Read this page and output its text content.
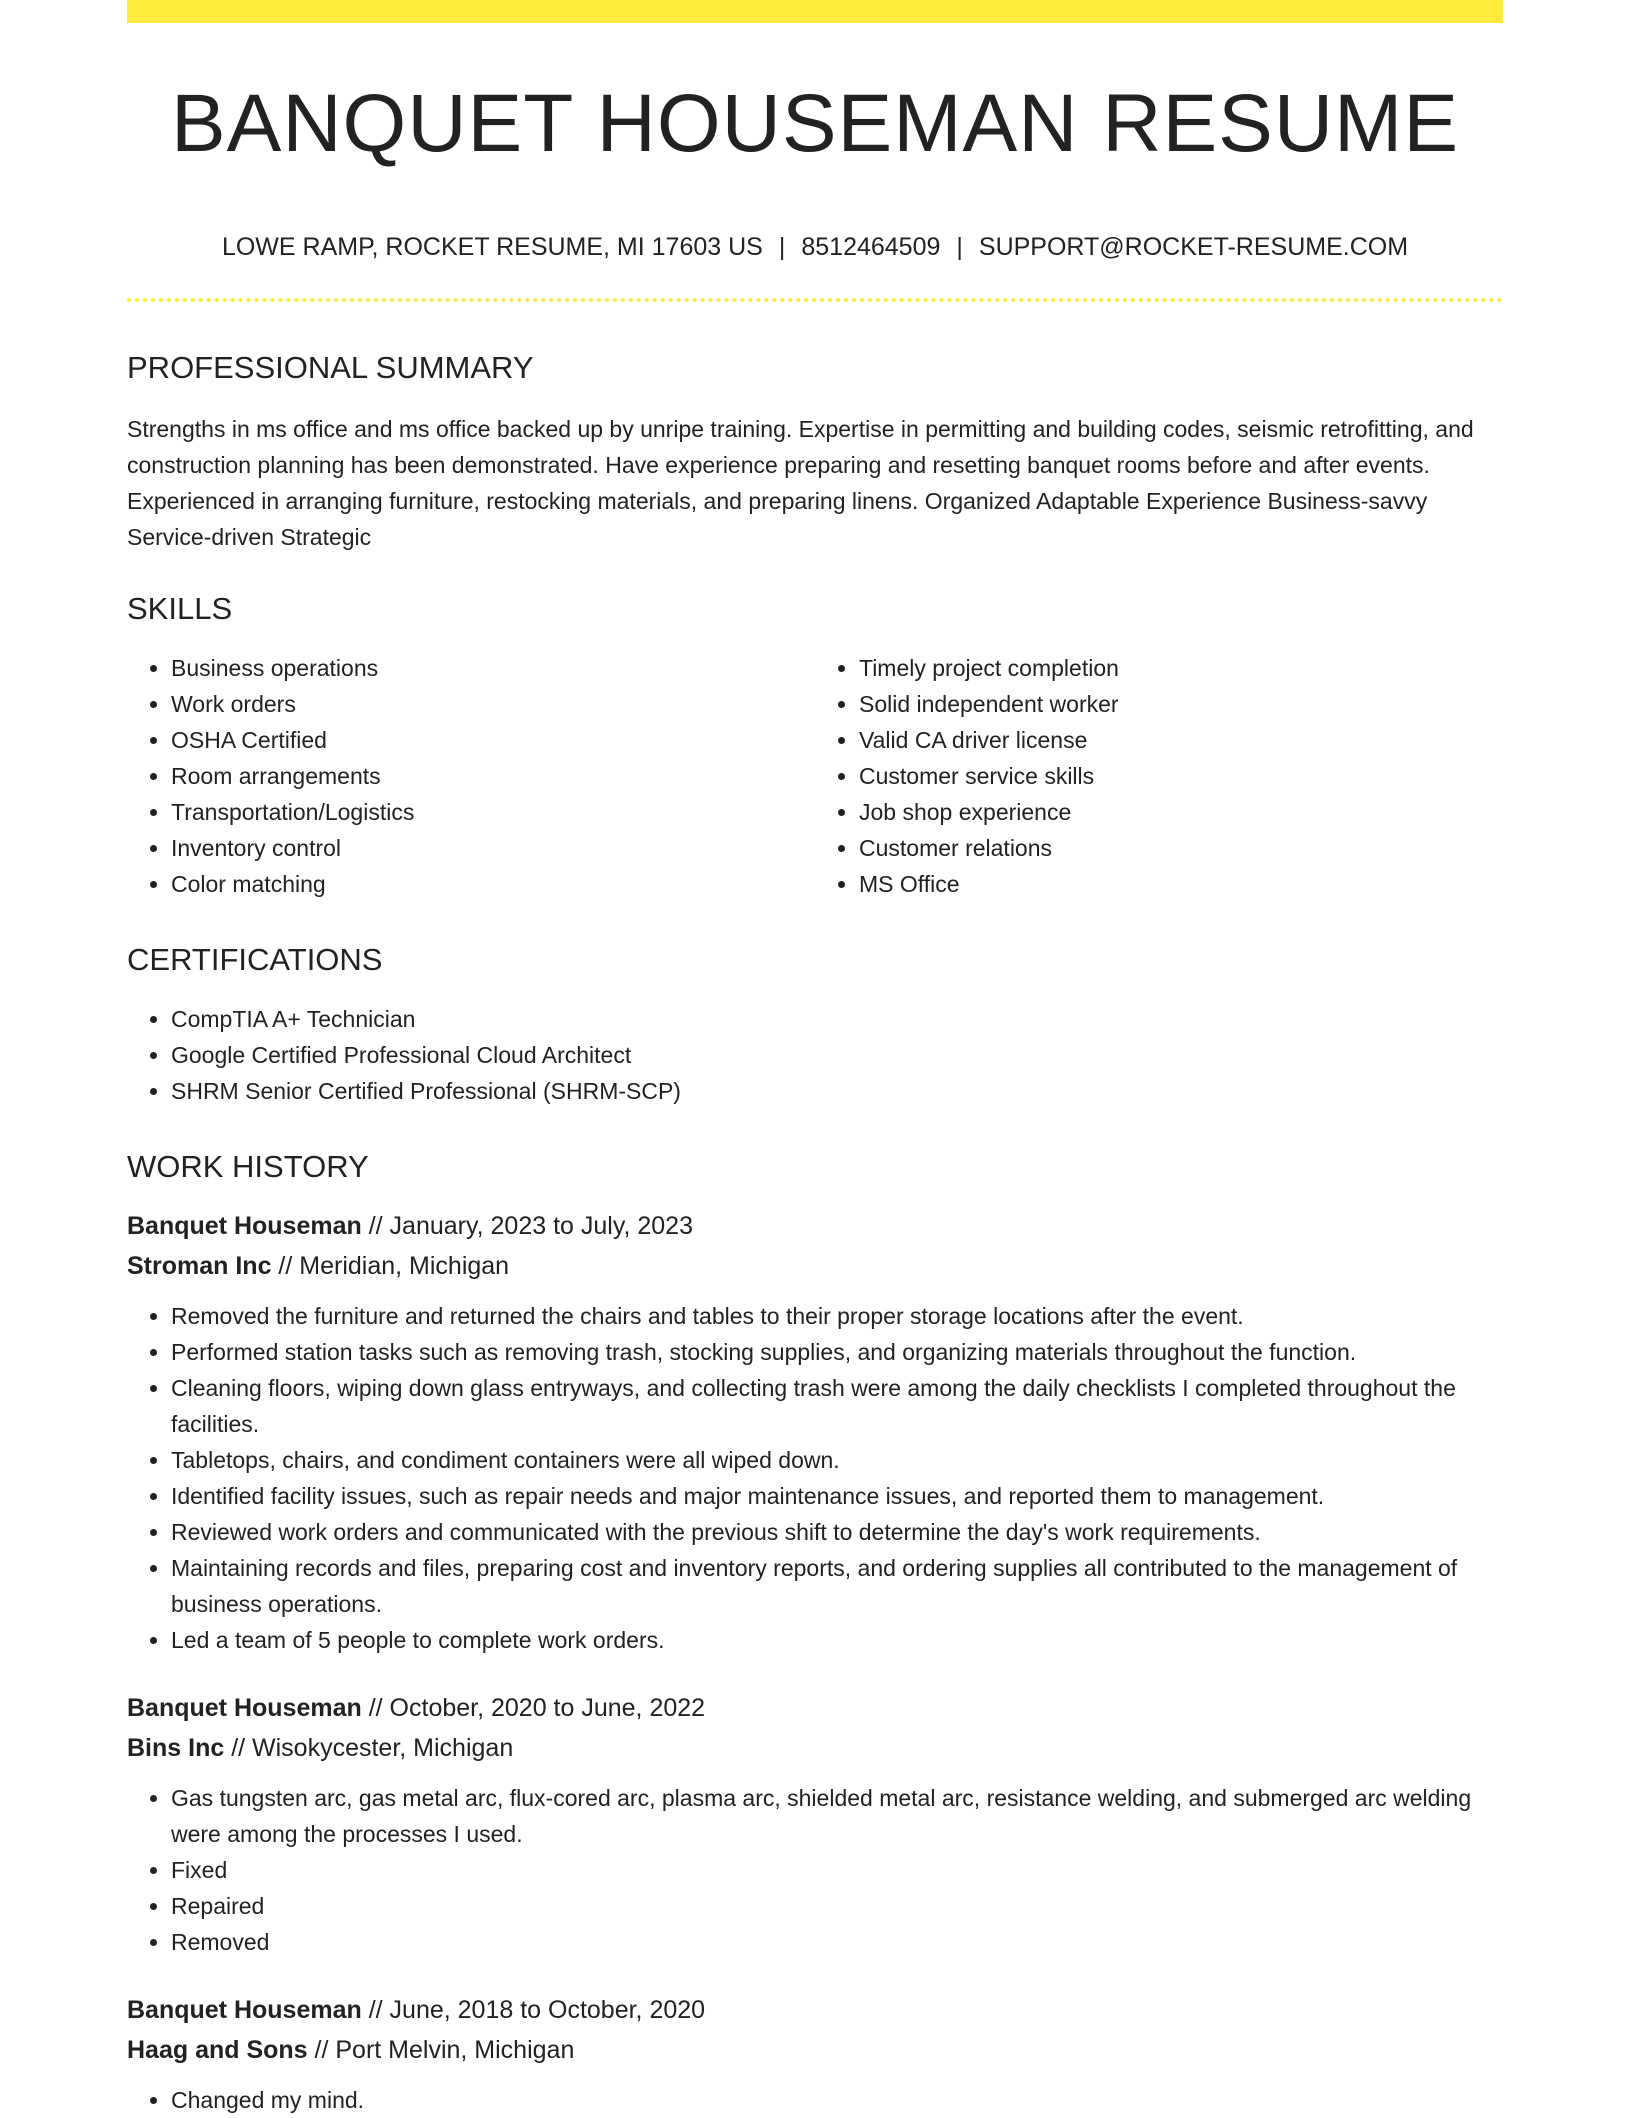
BANQUET HOUSEMAN RESUME
LOWE RAMP, ROCKET RESUME, MI 17603 US | 8512464509 | SUPPORT@ROCKET-RESUME.COM
PROFESSIONAL SUMMARY

Strengths in ms office and ms office backed up by unripe training. Expertise in permitting and building codes, seismic retrofitting, and construction planning has been demonstrated. Have experience preparing and resetting banquet rooms before and after events. Experienced in arranging furniture, restocking materials, and preparing linens. Organized Adaptable Experience Business-savvy Service-driven Strategic

SKILLS
• Business operations
• Work orders
• OSHA Certified
• Room arrangements
• Transportation/Logistics
• Inventory control
• Color matching
• Timely project completion
• Solid independent worker
• Valid CA driver license
• Customer service skills
• Job shop experience
• Customer relations
• MS Office
CERTIFICATIONS
• CompTIA A+ Technician
• Google Certified Professional Cloud Architect
• SHRM Senior Certified Professional (SHRM-SCP)
WORK HISTORY
Banquet Houseman // January, 2023 to July, 2023
Stroman Inc // Meridian, Michigan
• Removed the furniture and returned the chairs and tables to their proper storage locations after the event.
• Performed station tasks such as removing trash, stocking supplies, and organizing materials throughout the function.
• Cleaning floors, wiping down glass entryways, and collecting trash were among the daily checklists I completed throughout the facilities.
• Tabletops, chairs, and condiment containers were all wiped down.
• Identified facility issues, such as repair needs and major maintenance issues, and reported them to management.
• Reviewed work orders and communicated with the previous shift to determine the day's work requirements.
• Maintaining records and files, preparing cost and inventory reports, and ordering supplies all contributed to the management of business operations.
• Led a team of 5 people to complete work orders.
Banquet Houseman // October, 2020 to June, 2022
Bins Inc // Wisokycester, Michigan
• Gas tungsten arc, gas metal arc, flux-cored arc, plasma arc, shielded metal arc, resistance welding, and submerged arc welding were among the processes I used.
• Fixed
• Repaired
• Removed
Banquet Houseman // June, 2018 to October, 2020
Haag and Sons // Port Melvin, Michigan
• Changed my mind.
